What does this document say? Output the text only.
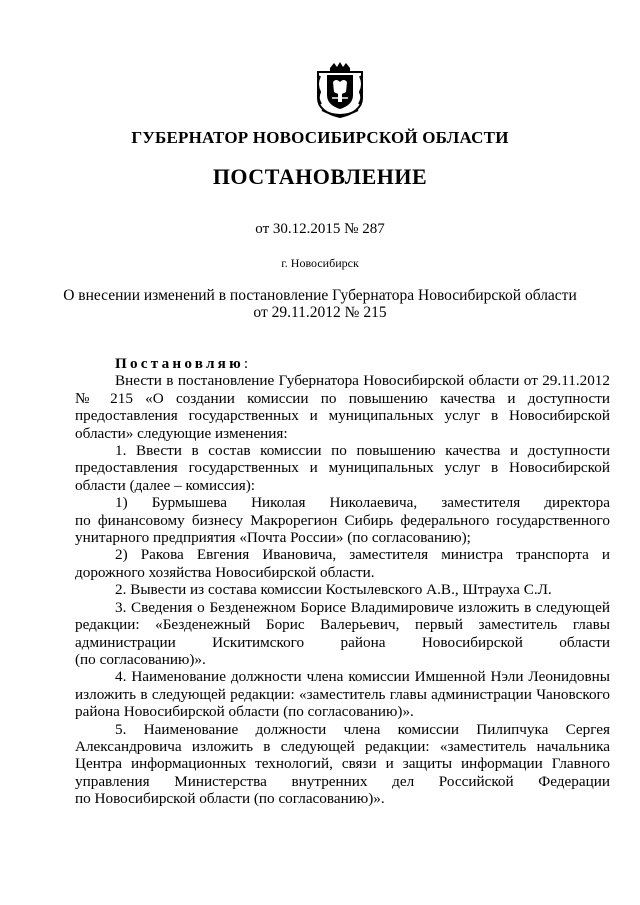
ГУБЕРНАТОР НОВОСИБИРСКОЙ ОБЛАСТИ
ПОСТАНОВЛЕНИЕ
от 30.12.2015 № 287
г. Новосибирск
О внесении изменений в постановление Губернатора Новосибирской области
от 29.11.2012 № 215

Постановляю:

Внести в постановление Губернатора Новосибирской области от 29.11.2012

№ 215 «О создании комиссии по повышению качества и доступности

предоставления государственных и муниципальных услуг в Новосибирской

области» следующие изменения:

1. Ввести в состав комиссии по повышению качества и доступности

предоставления государственных и муниципальных услуг в Новосибирской

области (далее – комиссия):

1) Бурмышева Николая Николаевича, заместителя директора

по финансовому бизнесу Макрорегион Сибирь федерального государственного

унитарного предприятия «Почта России» (по согласованию);

2) Ракова Евгения Ивановича, заместителя министра транспорта и

дорожного хозяйства Новосибирской области.

2. Вывести из состава комиссии Костылевского А.В., Штрауха С.Л.

3. Сведения о Безденежном Борисе Владимировиче изложить в следующей

редакции: «Безденежный Борис Валерьевич, первый заместитель главы

администрации Искитимского района Новосибирской области

(по согласованию)».

4. Наименование должности члена комиссии Имшенной Нэли Леонидовны

изложить в следующей редакции: «заместитель главы администрации Чановского

района Новосибирской области (по согласованию)».

5. Наименование должности члена комиссии Пилипчука Сергея

Александровича изложить в следующей редакции: «заместитель начальника

Центра информационных технологий, связи и защиты информации Главного

управления Министерства внутренних дел Российской Федерации

по Новосибирской области (по согласованию)».
